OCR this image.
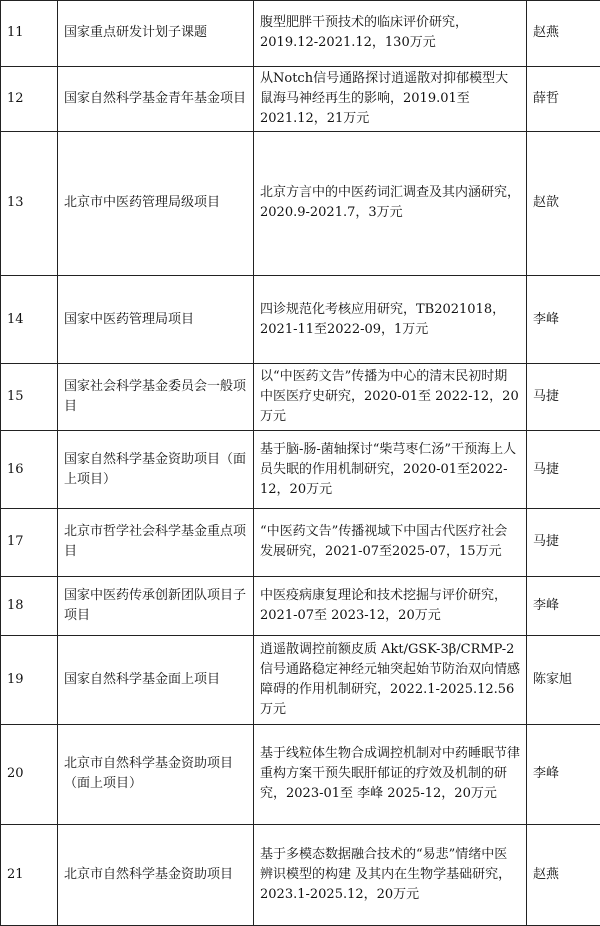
11	国家重点研发计划子课题	腹型肥胖干预技术的临床评价研究，2019.12-2021.12，130万元	赵燕
12	国家自然科学基金青年基金项目	从Notch信号通路探讨逍遥散对抑郁模型大鼠海马神经再生的影响，2019.01至 2021.12，21万元	薛哲
13	北京市中医药管理局级项目	北京方言中的中医药词汇调查及其内涵研究，2020.9-2021.7，3万元	赵歆
14	国家中医药管理局项目	四诊规范化考核应用研究，TB2021018，2021-11至2022-09，1万元	李峰
15	国家社会科学基金委员会一般项目	以“中医药文告”传播为中心的清末民初时期中医医疗史研究，2020-01至 2022-12，20万元	马捷
16	国家自然科学基金资助项目（面上项目）	基于脑-肠-菌轴探讨“柴芎枣仁汤”干预海上人员失眠的作用机制研究，2020-01至2022-12，20万元	马捷
17	北京市哲学社会科学基金重点项目	“中医药文告”传播视域下中国古代医疗社会发展研究，2021-07至2025-07，15万元	马捷
18	国家中医药传承创新团队项目子项目	中医疫病康复理论和技术挖掘与评价研究， 2021-07至 2023-12，20万元	李峰
19	国家自然科学基金面上项目	逍遥散调控前额皮质 Akt/GSK-3β/CRMP-2 信号通路稳定神经元轴突起始节防治双向情感障碍的作用机制研究，2022.1-2025.12.56万元	陈家旭
20	北京市自然科学基金资助项目（面上项目）	基于线粒体生物合成调控机制对中药睡眠节律重构方案干预失眠肝郁证的疗效及机制的研究，2023-01至 李峰 2025-12，20万元	李峰
21	北京市自然科学基金资助项目	基于多模态数据融合技术的“易悲”情绪中医辨识模型的构建 及其内在生物学基础研究，2023.1-2025.12，20万元	赵燕
